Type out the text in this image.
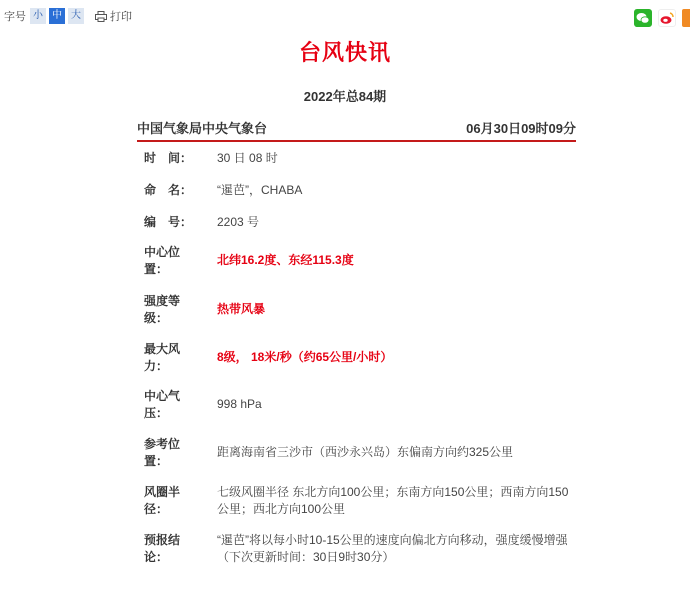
字号 小 中 大	打印
台风快讯
2022年总84期
中国气象局中央气象台	06月30日09时09分
时　间： 30 日 08 时
命　名： “暹芭”，CHABA
编　号： 2203 号
中心位置：
北纬16.2度、东经115.3度
强度等级：
热带风暴
最大风力：
8级， 18米/秒（约65公里/小时）
中心气压：
998 hPa
参考位置：
距离海南省三沙市（西沙永兴岛）东偏南方向约325公里
风圈半径：
七级风圈半径 东北方向100公里；东南方向150公里；西南方向150公里；西北方向100公里
预报结论：
“暹芭”将以每小时10-15公里的速度向偏北方向移动，强度缓慢增强
（下次更新时间：30日9时30分）
